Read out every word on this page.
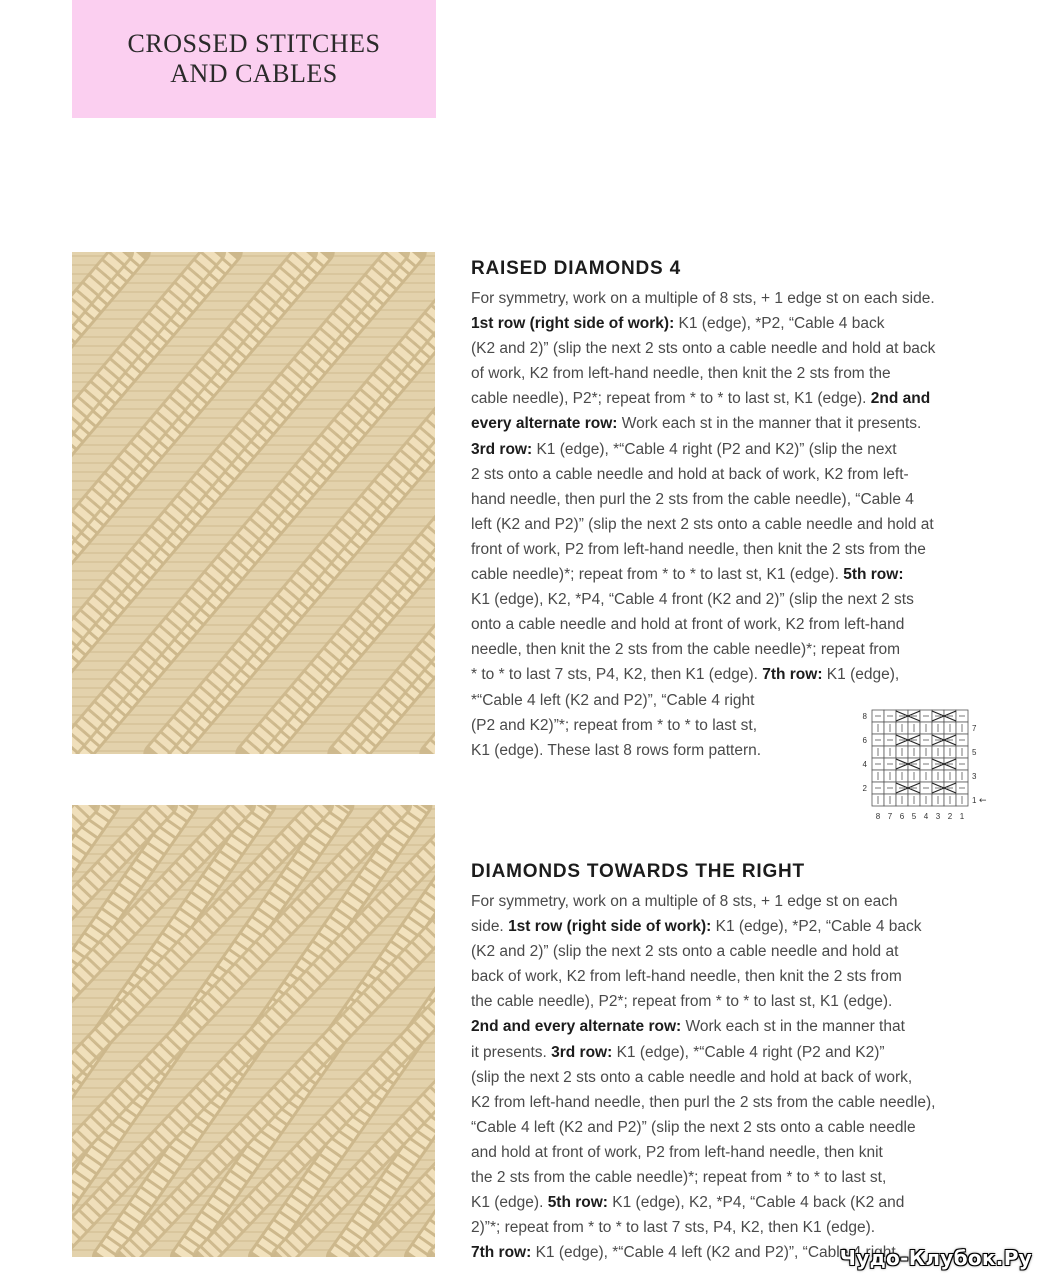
CROSSED STITCHES
AND CABLES
RAISED DIAMONDS 4
For symmetry, work on a multiple of 8 sts, + 1 edge st on each side.
1st row (right side of work): K1 (edge), *P2, “Cable 4 back
(K2 and 2)” (slip the next 2 sts onto a cable needle and hold at back
of work, K2 from left-hand needle, then knit the 2 sts from the
cable needle), P2*; repeat from * to * to last st, K1 (edge). 2nd and
every alternate row: Work each st in the manner that it presents.
3rd row: K1 (edge), *“Cable 4 right (P2 and K2)” (slip the next
2 sts onto a cable needle and hold at back of work, K2 from left-
hand needle, then purl the 2 sts from the cable needle), “Cable 4
left (K2 and P2)” (slip the next 2 sts onto a cable needle and hold at
front of work, P2 from left-hand needle, then knit the 2 sts from the
cable needle)*; repeat from * to * to last st, K1 (edge). 5th row:
K1 (edge), K2, *P4, “Cable 4 front (K2 and 2)” (slip the next 2 sts
onto a cable needle and hold at front of work, K2 from left-hand
needle, then knit the 2 sts from the cable needle)*; repeat from
* to * to last 7 sts, P4, K2, then K1 (edge). 7th row: K1 (edge),
*“Cable 4 left (K2 and P2)”, “Cable 4 right
(P2 and K2)”*; repeat from * to * to last st,
K1 (edge). These last 8 rows form pattern.
DIAMONDS TOWARDS THE RIGHT
For symmetry, work on a multiple of 8 sts, + 1 edge st on each
side. 1st row (right side of work): K1 (edge), *P2, “Cable 4 back
(K2 and 2)” (slip the next 2 sts onto a cable needle and hold at
back of work, K2 from left-hand needle, then knit the 2 sts from
the cable needle), P2*; repeat from * to * to last st, K1 (edge).
2nd and every alternate row: Work each st in the manner that
it presents. 3rd row: K1 (edge), *“Cable 4 right (P2 and K2)”
(slip the next 2 sts onto a cable needle and hold at back of work,
K2 from left-hand needle, then purl the 2 sts from the cable needle),
“Cable 4 left (K2 and P2)” (slip the next 2 sts onto a cable needle
and hold at front of work, P2 from left-hand needle, then knit
the 2 sts from the cable needle)*; repeat from * to * to last st,
K1 (edge). 5th row: K1 (edge), K2, *P4, “Cable 4 back (K2 and
2)”*; repeat from * to * to last 7 sts, P4, K2, then K1 (edge).
7th row: K1 (edge), *“Cable 4 left (K2 and P2)”, “Cable 4 right
8
6
4
2
7
5
3
1 ←
8 7 6 5 4 3 2 1
Чудо-Клубок.Ру
